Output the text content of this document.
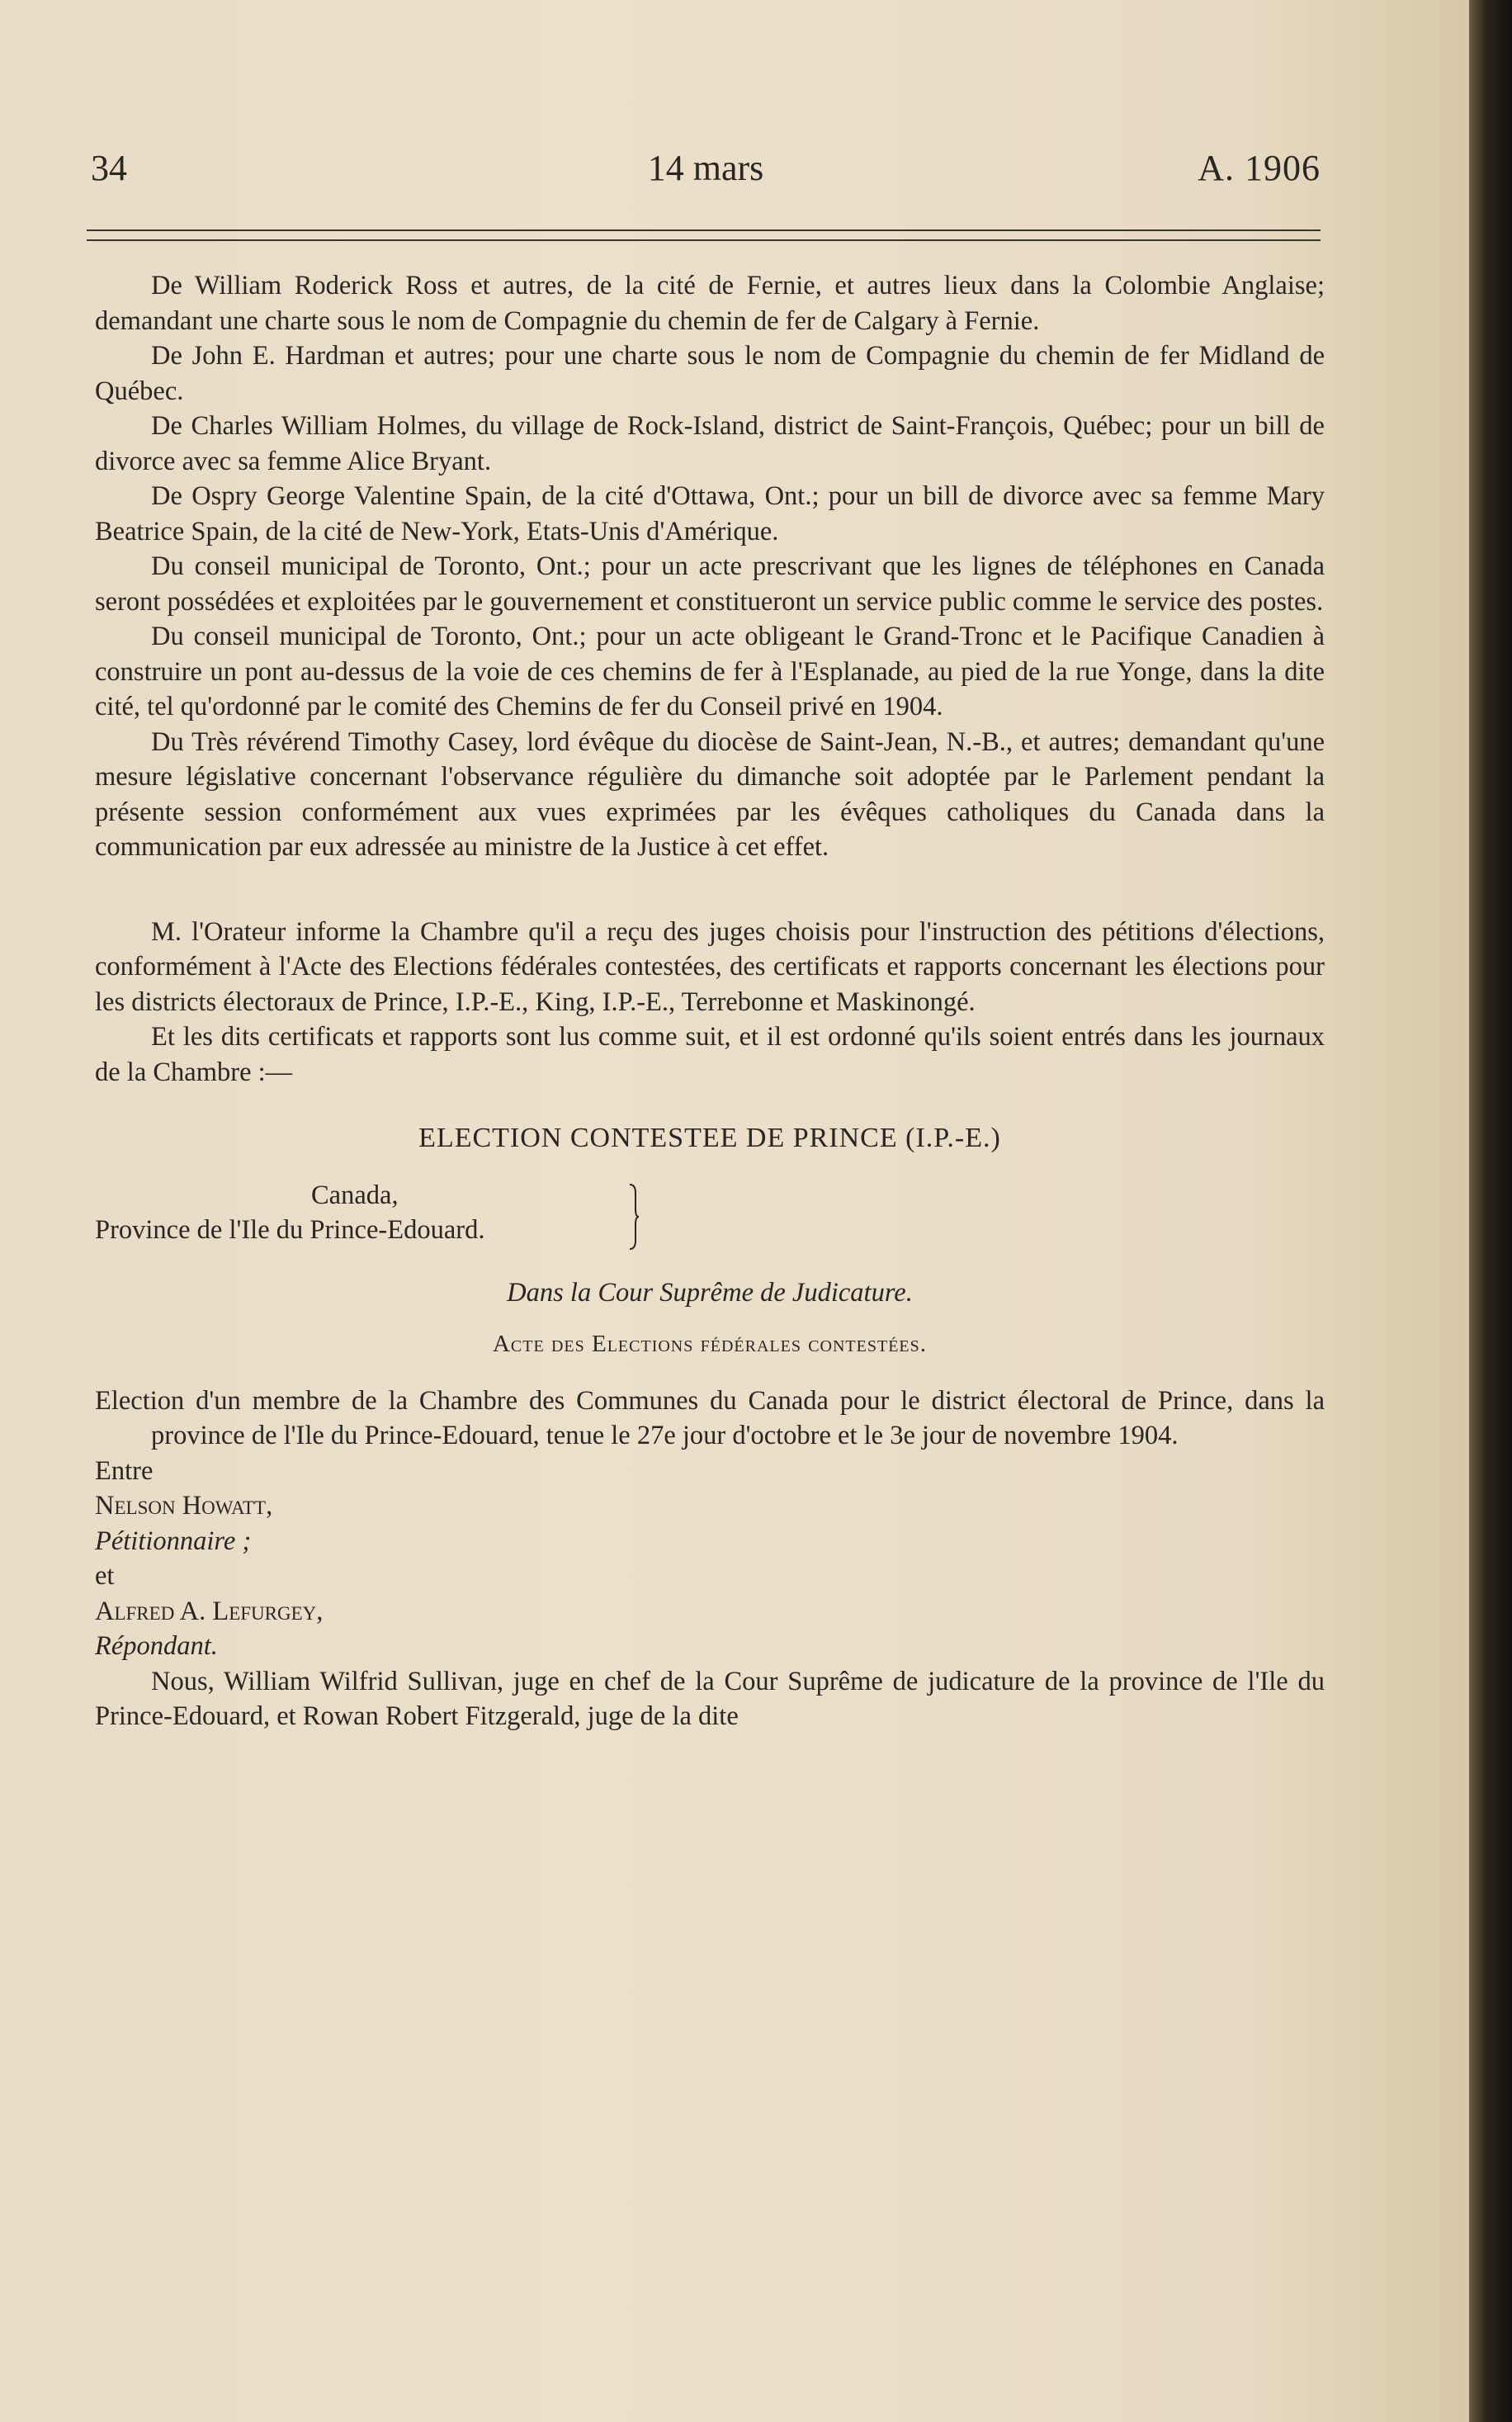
34	14 mars	A. 1906

De William Roderick Ross et autres, de la cité de Fernie, et autres lieux dans la Colombie Anglaise; demandant une charte sous le nom de Compagnie du chemin de fer de Calgary à Fernie.

De John E. Hardman et autres; pour une charte sous le nom de Compagnie du chemin de fer Midland de Québec.

De Charles William Holmes, du village de Rock-Island, district de Saint-François, Québec; pour un bill de divorce avec sa femme Alice Bryant.

De Ospry George Valentine Spain, de la cité d'Ottawa, Ont.; pour un bill de divorce avec sa femme Mary Beatrice Spain, de la cité de New-York, Etats-Unis d'Amérique.

Du conseil municipal de Toronto, Ont.; pour un acte prescrivant que les lignes de téléphones en Canada seront possédées et exploitées par le gouvernement et constitueront un service public comme le service des postes.

Du conseil municipal de Toronto, Ont.; pour un acte obligeant le Grand-Tronc et le Pacifique Canadien à construire un pont au-dessus de la voie de ces chemins de fer à l'Esplanade, au pied de la rue Yonge, dans la dite cité, tel qu'ordonné par le comité des Chemins de fer du Conseil privé en 1904.

Du Très révérend Timothy Casey, lord évêque du diocèse de Saint-Jean, N.-B., et autres; demandant qu'une mesure législative concernant l'observance régulière du dimanche soit adoptée par le Parlement pendant la présente session conformément aux vues exprimées par les évêques catholiques du Canada dans la communication par eux adressée au ministre de la Justice à cet effet.

M. l'Orateur informe la Chambre qu'il a reçu des juges choisis pour l'instruction des pétitions d'élections, conformément à l'Acte des Elections fédérales contestées, des certificats et rapports concernant les élections pour les districts électoraux de Prince, I.P.-E., King, I.P.-E., Terrebonne et Maskinongé.

Et les dits certificats et rapports sont lus comme suit, et il est ordonné qu'ils soient entrés dans les journaux de la Chambre :—

ELECTION CONTESTEE DE PRINCE (I.P.-E.)
Canada,
Province de l'Ile du Prince-Edouard.
Dans la Cour Suprême de Judicature.
Acte des Elections fédérales contestées.

Election d'un membre de la Chambre des Communes du Canada pour le district électoral de Prince, dans la province de l'Ile du Prince-Edouard, tenue le 27e jour d'octobre et le 3e jour de novembre 1904.

Entre

Nelson Howatt,

Pétitionnaire ;

et

Alfred A. Lefurgey,

Répondant.

Nous, William Wilfrid Sullivan, juge en chef de la Cour Suprême de judicature de la province de l'Ile du Prince-Edouard, et Rowan Robert Fitzgerald, juge de la dite
